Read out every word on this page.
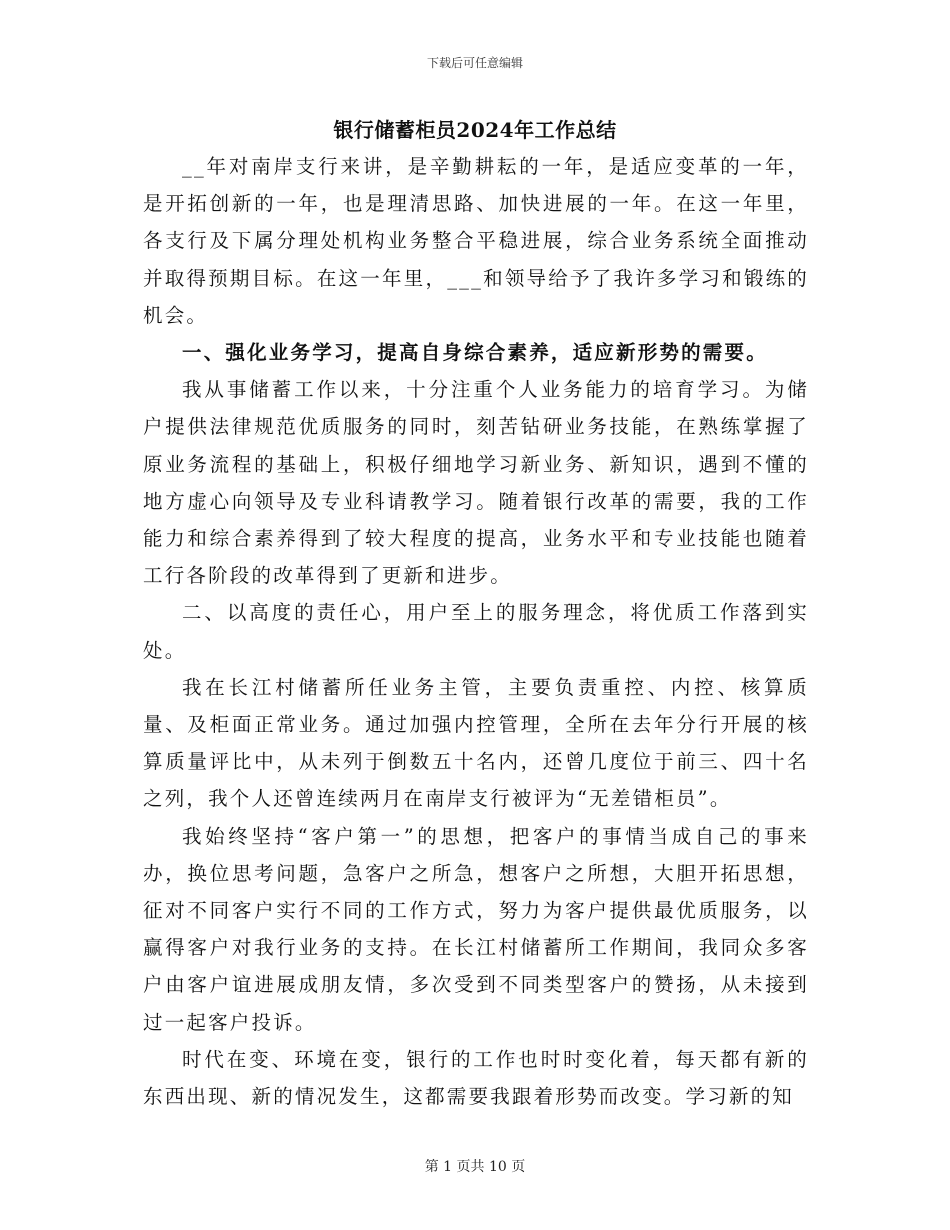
下载后可任意编辑
银行储蓄柜员2024年工作总结

__年对南岸支行来讲，是辛勤耕耘的一年，是适应变革的一年，是开拓创新的一年，也是理清思路、加快进展的一年。在这一年里，各支行及下属分理处机构业务整合平稳进展，综合业务系统全面推动并取得预期目标。在这一年里，___和领导给予了我许多学习和锻练的机会。

一、强化业务学习，提高自身综合素养，适应新形势的需要。

我从事储蓄工作以来，十分注重个人业务能力的培育学习。为储户提供法律规范优质服务的同时，刻苦钻研业务技能，在熟练掌握了原业务流程的基础上，积极仔细地学习新业务、新知识，遇到不懂的地方虚心向领导及专业科请教学习。随着银行改革的需要，我的工作能力和综合素养得到了较大程度的提高，业务水平和专业技能也随着工行各阶段的改革得到了更新和进步。

二、以高度的责任心，用户至上的服务理念，将优质工作落到实处。

我在长江村储蓄所任业务主管，主要负责重控、内控、核算质量、及柜面正常业务。通过加强内控管理，全所在去年分行开展的核算质量评比中，从未列于倒数五十名内，还曾几度位于前三、四十名之列，我个人还曾连续两月在南岸支行被评为“无差错柜员”。

我始终坚持“客户第一”的思想，把客户的事情当成自己的事来办，换位思考问题，急客户之所急，想客户之所想，大胆开拓思想，征对不同客户实行不同的工作方式，努力为客户提供最优质服务，以赢得客户对我行业务的支持。在长江村储蓄所工作期间，我同众多客户由客户谊进展成朋友情，多次受到不同类型客户的赞扬，从未接到过一起客户投诉。

时代在变、环境在变，银行的工作也时时变化着，每天都有新的东西出现、新的情况发生，这都需要我跟着形势而改变。学习新的知

第 1 页共 10 页
